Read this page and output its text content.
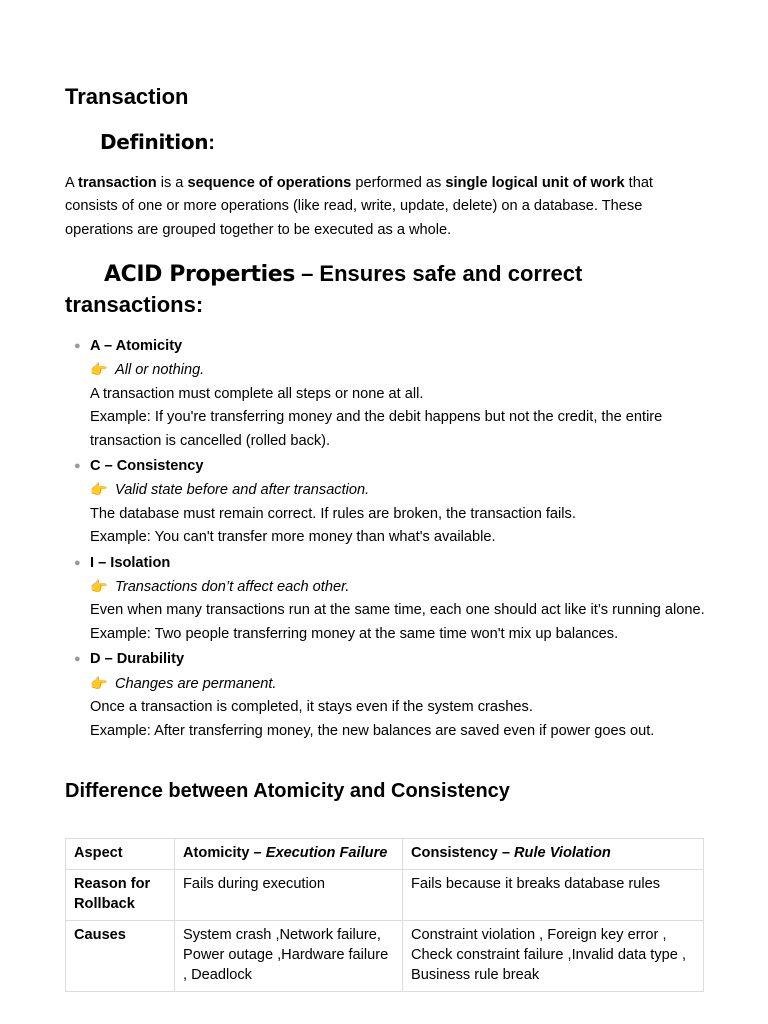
Transaction
Definition:

A transaction is a sequence of operations performed as single logical unit of work that consists of one or more operations (like read, write, update, delete) on a database. These operations are grouped together to be executed as a whole.

ACID Properties – Ensures safe and correct transactions:
● A – Atomicity
👉 All or nothing.
A transaction must complete all steps or none at all.
Example: If you're transferring money and the debit happens but not the credit, the entire transaction is cancelled (rolled back).
● C – Consistency
👉 Valid state before and after transaction.
The database must remain correct. If rules are broken, the transaction fails.
Example: You can't transfer more money than what's available.
● I – Isolation
👉 Transactions don’t affect each other.
Even when many transactions run at the same time, each one should act like it’s running alone.
Example: Two people transferring money at the same time won't mix up balances.
● D – Durability
👉 Changes are permanent.
Once a transaction is completed, it stays even if the system crashes.
Example: After transferring money, the new balances are saved even if power goes out.
Difference between Atomicity and Consistency
Aspect	Atomicity – Execution Failure	Consistency – Rule Violation
Reason for Rollback	Fails during execution	Fails because it breaks database rules
Causes	System crash ,Network failure, Power outage ,Hardware failure , Deadlock	Constraint violation , Foreign key error , Check constraint failure ,Invalid data type , Business rule break
